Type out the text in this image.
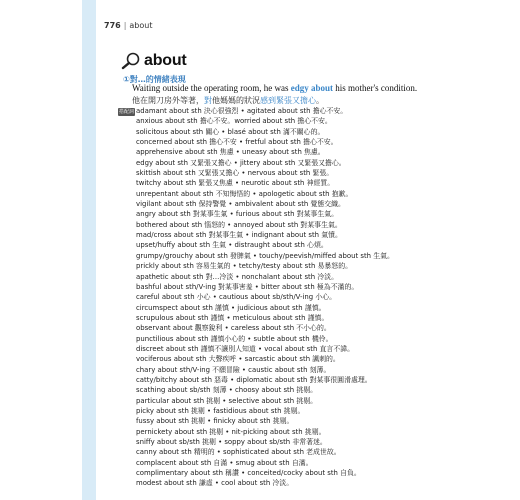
776 | about
about
①對…的情緒表現
Waiting outside the operating room, he was edgy about his mother's condition.
他在開刀房外等著，對他媽媽的狀況感到緊張又擔心。
搭配詞 adamant about sth 決心很強烈 • agitated about sth 擔心不安。
anxious about sth 擔心不安。worried about sth 擔心不安。
solicitous about sth 關心 • blasé about sth 滿不關心的。
concerned about sth 擔心不安 • fretful about sth 擔心不安。
apprehensive about sth 焦慮 • uneasy about sth 焦慮。
edgy about sth 又緊張又擔心 • jittery about sth 又緊張又擔心。
skittish about sth 又緊張又擔心 • nervous about sth 緊張。
twitchy about sth 緊張又焦慮 • neurotic about sth 神經質。
unrepentant about sth 不知悔悟的 • apologetic about sth 抱歉。
vigilant about sth 保持警覺 • ambivalent about sth 覺態交織。
angry about sth 對某事生氣 • furious about sth 對某事生氣。
bothered about sth 惱怒的 • annoyed about sth 對某事生氣。
mad/cross about sth 對某事生氣 • indignant about sth 氣憤。
upset/huffy about sth 生氣 • distraught about sth 心煩。
grumpy/grouchy about sth 發脾氣 • touchy/peevish/miffed about sth 生氣。
prickly about sth 容易生氣的 • tetchy/testy about sth 易暴怒的。
apathetic about sth 對…冷淡 • nonchalant about sth 冷淡。
bashful about sth/V-ing 對某事害羞 • bitter about sth 極為不滿的。
careful about sth 小心 • cautious about sb/sth/V-ing 小心。
circumspect about sth 謹慎 • judicious about sth 謹慎。
scrupulous about sth 謹慎 • meticulous about sth 謹慎。
observant about 觀察銳利 • careless about sth 不小心的。
punctilious about sth 謹慎小心的 • subtle about sth 機伶。
discreet about sth 謹慎不讓別人知道 • vocal about sth 直言不諱。
vociferous about sth 大聲疾呼 • sarcastic about sth 諷刺的。
chary about sth/V-ing 不願冒險 • caustic about sth 刻薄。
catty/bitchy about sth 惡毒 • diplomatic about sth 對某事很圓滑處理。
scathing about sb/sth 刻薄 • choosy about sth 挑剔。
particular about sth 挑剔 • selective about sth 挑剔。
picky about sth 挑剔 • fastidious about sth 挑剔。
fussy about sth 挑剔 • finicky about sth 挑剔。
pernickety about sth 挑剔 • nit-picking about sth 挑剔。
sniffy about sb/sth 挑剔 • soppy about sb/sth 非常著迷。
canny about sth 精明的 • sophisticated about sth 老成世故。
complacent about sth 自滿 • smug about sth 自滿。
complimentary about sth 稱讚 • conceited/cocky about sth 自負。
modest about sth 謙虛 • cool about sth 冷淡。
